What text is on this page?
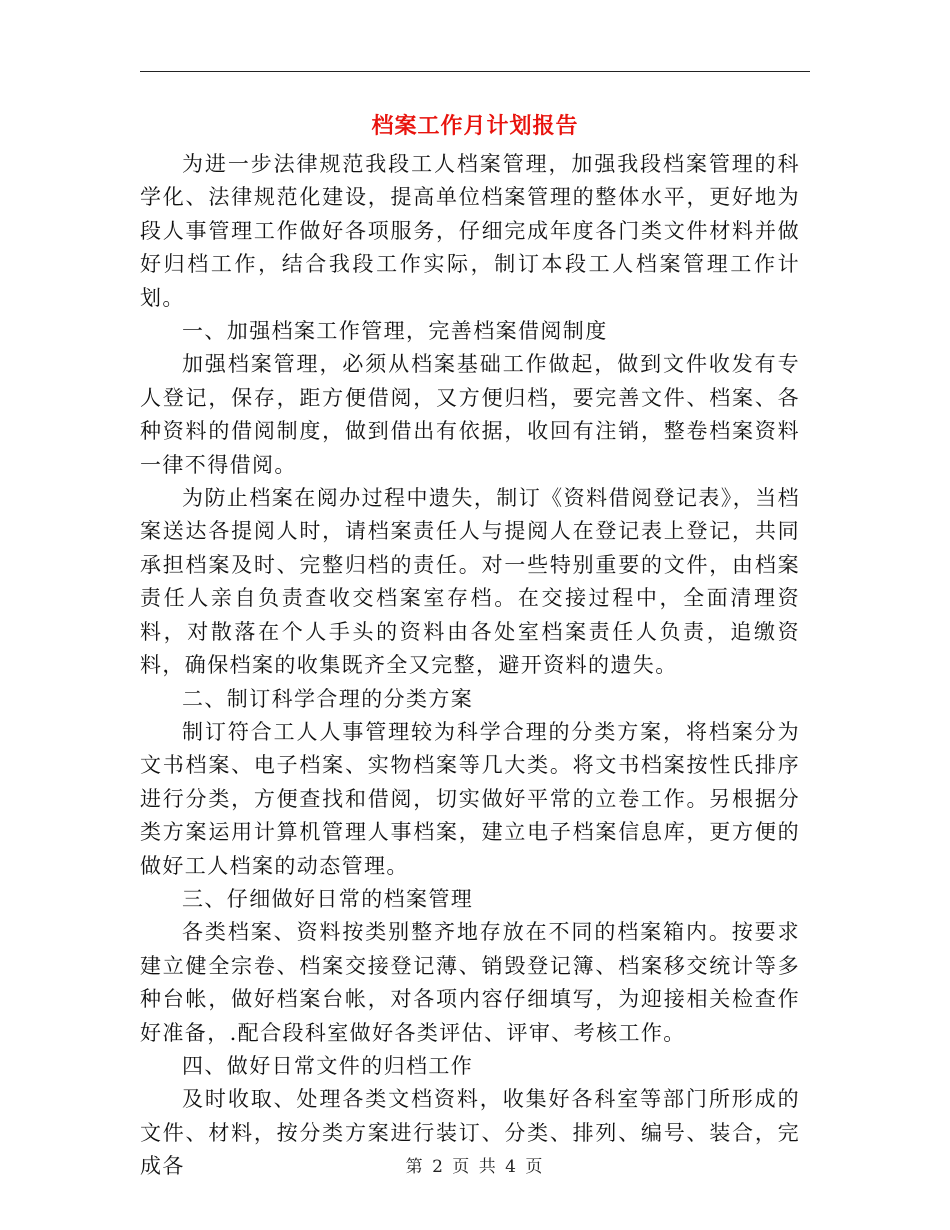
档案工作月计划报告

为进一步法律规范我段工人档案管理，加强我段档案管理的科学化、法律规范化建设，提高单位档案管理的整体水平，更好地为段人事管理工作做好各项服务，仔细完成年度各门类文件材料并做好归档工作，结合我段工作实际，制订本段工人档案管理工作计划。

一、加强档案工作管理，完善档案借阅制度

加强档案管理，必须从档案基础工作做起，做到文件收发有专人登记，保存，距方便借阅，又方便归档，要完善文件、档案、各种资料的借阅制度，做到借出有依据，收回有注销，整卷档案资料一律不得借阅。

为防止档案在阅办过程中遗失，制订《资料借阅登记表》，当档案送达各提阅人时，请档案责任人与提阅人在登记表上登记，共同承担档案及时、完整归档的责任。对一些特别重要的文件，由档案责任人亲自负责查收交档案室存档。在交接过程中，全面清理资料，对散落在个人手头的资料由各处室档案责任人负责，追缴资料，确保档案的收集既齐全又完整，避开资料的遗失。

二、制订科学合理的分类方案

制订符合工人人事管理较为科学合理的分类方案，将档案分为文书档案、电子档案、实物档案等几大类。将文书档案按性氏排序进行分类，方便查找和借阅，切实做好平常的立卷工作。另根据分类方案运用计算机管理人事档案，建立电子档案信息库，更方便的做好工人档案的动态管理。

三、仔细做好日常的档案管理

各类档案、资料按类别整齐地存放在不同的档案箱内。按要求建立健全宗卷、档案交接登记薄、销毁登记簿、档案移交统计等多种台帐，做好档案台帐，对各项内容仔细填写，为迎接相关检查作好准备，.配合段科室做好各类评估、评审、考核工作。

四、做好日常文件的归档工作

及时收取、处理各类文档资料，收集好各科室等部门所形成的文件、材料，按分类方案进行装订、分类、排列、编号、装合，完成各	第 2 页 共 4 页
